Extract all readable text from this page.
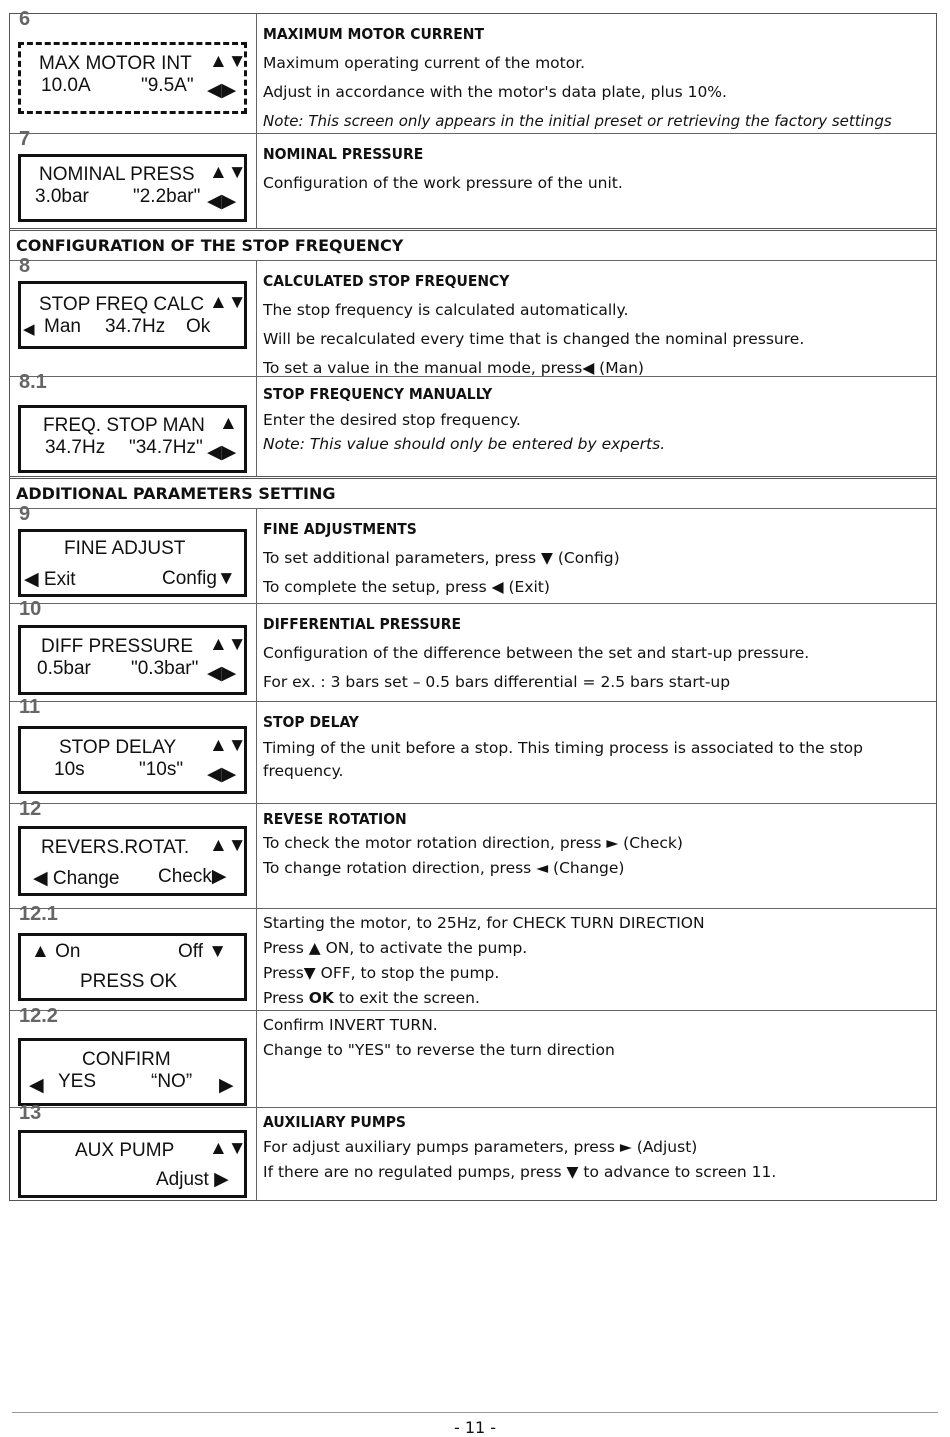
6
MAX MOTOR INT ▲▼
10.0A	"9.5A" ◀▶
MAXIMUM MOTOR CURRENT
Maximum operating current of the motor.
Adjust in accordance with the motor's data plate, plus 10%.
Note: This screen only appears in the initial preset or retrieving the factory settings
7
NOMINAL PRESS ▲▼
3.0bar "2.2bar" ◀▶
NOMINAL PRESSURE
Configuration of the work pressure of the unit.
CONFIGURATION OF THE STOP FREQUENCY
8
STOP FREQ CALC ▲▼
◀ Man 34.7Hz Ok
CALCULATED STOP FREQUENCY
The stop frequency is calculated automatically.
Will be recalculated every time that is changed the nominal pressure.
To set a value in the manual mode, press◀ (Man)
8.1
FREQ. STOP MAN ▲
34.7Hz "34.7Hz" ◀▶
STOP FREQUENCY MANUALLY
Enter the desired stop frequency.
Note: This value should only be entered by experts.
ADDITIONAL PARAMETERS SETTING
9
FINE ADJUST
◀ Exit	Config▼
FINE ADJUSTMENTS
To set additional parameters, press ▼ (Config)
To complete the setup, press ◀ (Exit)
10
DIFF PRESSURE ▲▼
0.5bar "0.3bar" ◀▶
DIFFERENTIAL PRESSURE
Configuration of the difference between the set and start-up pressure.
For ex. : 3 bars set – 0.5 bars differential = 2.5 bars start-up
11
STOP DELAY ▲▼
10s	"10s" ◀▶
STOP DELAY
Timing of the unit before a stop. This timing process is associated to the stop frequency.
12
REVERS.ROTAT. ▲▼
◀ Change Check▶
REVESE ROTATION
To check the motor rotation direction, press ► (Check)
To change rotation direction, press ◄ (Change)
12.1
▲ On	Off ▼
PRESS OK
Starting the motor, to 25Hz, for CHECK TURN DIRECTION
Press ▲ ON, to activate the pump.
Press▼ OFF, to stop the pump.
Press OK to exit the screen.
12.2
CONFIRM
◀ YES	“NO” ▶
Confirm INVERT TURN.
Change to "YES" to reverse the turn direction
13
AUX PUMP ▲▼
Adjust ▶
AUXILIARY PUMPS
For adjust auxiliary pumps parameters, press ► (Adjust)
If there are no regulated pumps, press ▼ to advance to screen 11.
- 11 -
